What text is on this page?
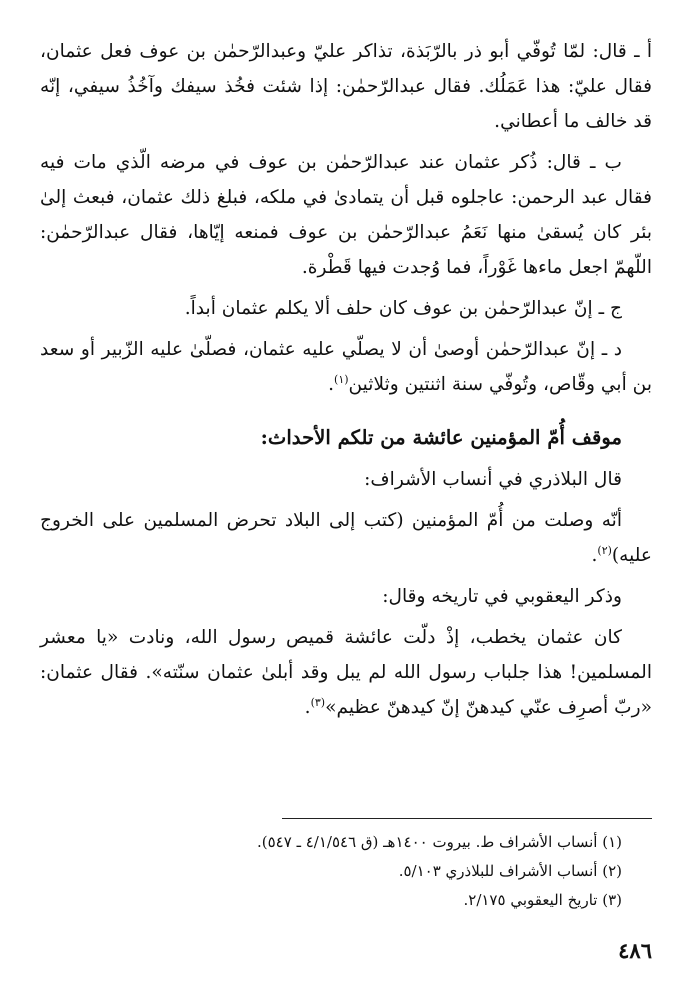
أ ـ قال: لمّا تُوفّي أبو ذر بالرّبَذة، تذاكر عليّ وعبدالرّحمٰن بن عوف فعل عثمان، فقال عليّ: هذا عَمَلُك. فقال عبدالرّحمٰن: إذا شئت فخُذ سيفك وآخُذُ سيفي، إنّه قد خالف ما أعطاني.

ب ـ قال: ذُكر عثمان عند عبدالرّحمٰن بن عوف في مرضه الّذي مات فيه فقال عبد الرحمن: عاجلوه قبل أن يتمادىٰ في ملكه، فبلغ ذلك عثمان، فبعث إلىٰ بئر كان يُسقىٰ منها نَعَمُ عبدالرّحمٰن بن عوف فمنعه إيّاها، فقال عبدالرّحمٰن: اللّهمّ اجعل ماءها غَوْراً، فما وُجدت فيها قَطْرة.

ج ـ إنّ عبدالرّحمٰن بن عوف كان حلف ألا يكلم عثمان أبداً.

د ـ إنّ عبدالرّحمٰن أوصىٰ أن لا يصلّي عليه عثمان، فصلّىٰ عليه الزّبير أو سعد بن أبي وقّاص، وتُوفّي سنة اثنتين وثلاثين$^{(١)}$.

موقف أُمّ المؤمنين عائشة من تلكم الأحداث:

قال البلاذري في أنساب الأشراف:

أنّه وصلت من أُمّ المؤمنين (كتب إلى البلاد تحرض المسلمين على الخروج عليه)$^{(٢)}$.

وذكر اليعقوبي في تاريخه وقال:

كان عثمان يخطب، إذْ دلّت عائشة قميص رسول الله، ونادت «يا معشر المسلمين! هذا جلباب رسول الله لم يبل وقد أبلىٰ عثمان سنّته». فقال عثمان: «ربّ أصرِف عنّي كيدهنّ إنّ كيدهنّ عظيم»$^{(٣)}$.

(١) أنساب الأشراف ط. بيروت ١٤٠٠هـ (ق ٤/١/٥٤٦ ـ ٥٤٧).

(٢) أنساب الأشراف للبلاذري ٥/١٠٣.

(٣) تاريخ اليعقوبي ٢/١٧٥.

٤٨٦
